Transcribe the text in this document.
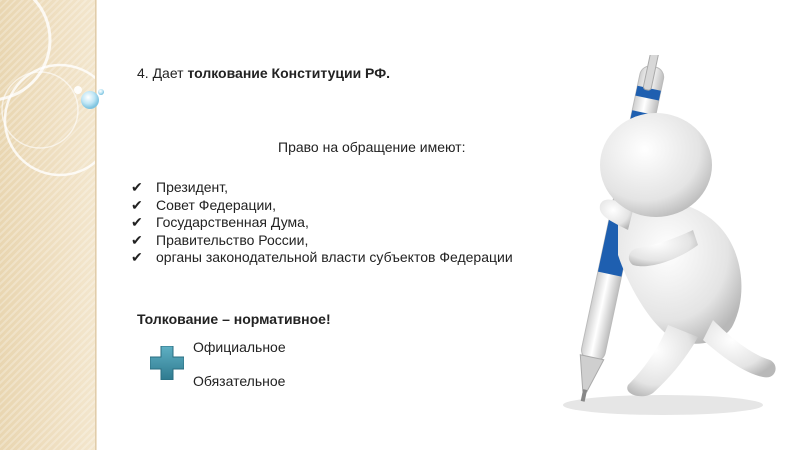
4. Дает толкование Конституции РФ.
Право на обращение имеют:
✔ Президент,
✔ Совет Федерации,
✔ Государственная Дума,
✔ Правительство России,
✔ органы законодательной власти субъектов Федерации
Толкование – нормативное!
Официальное
Обязательное
